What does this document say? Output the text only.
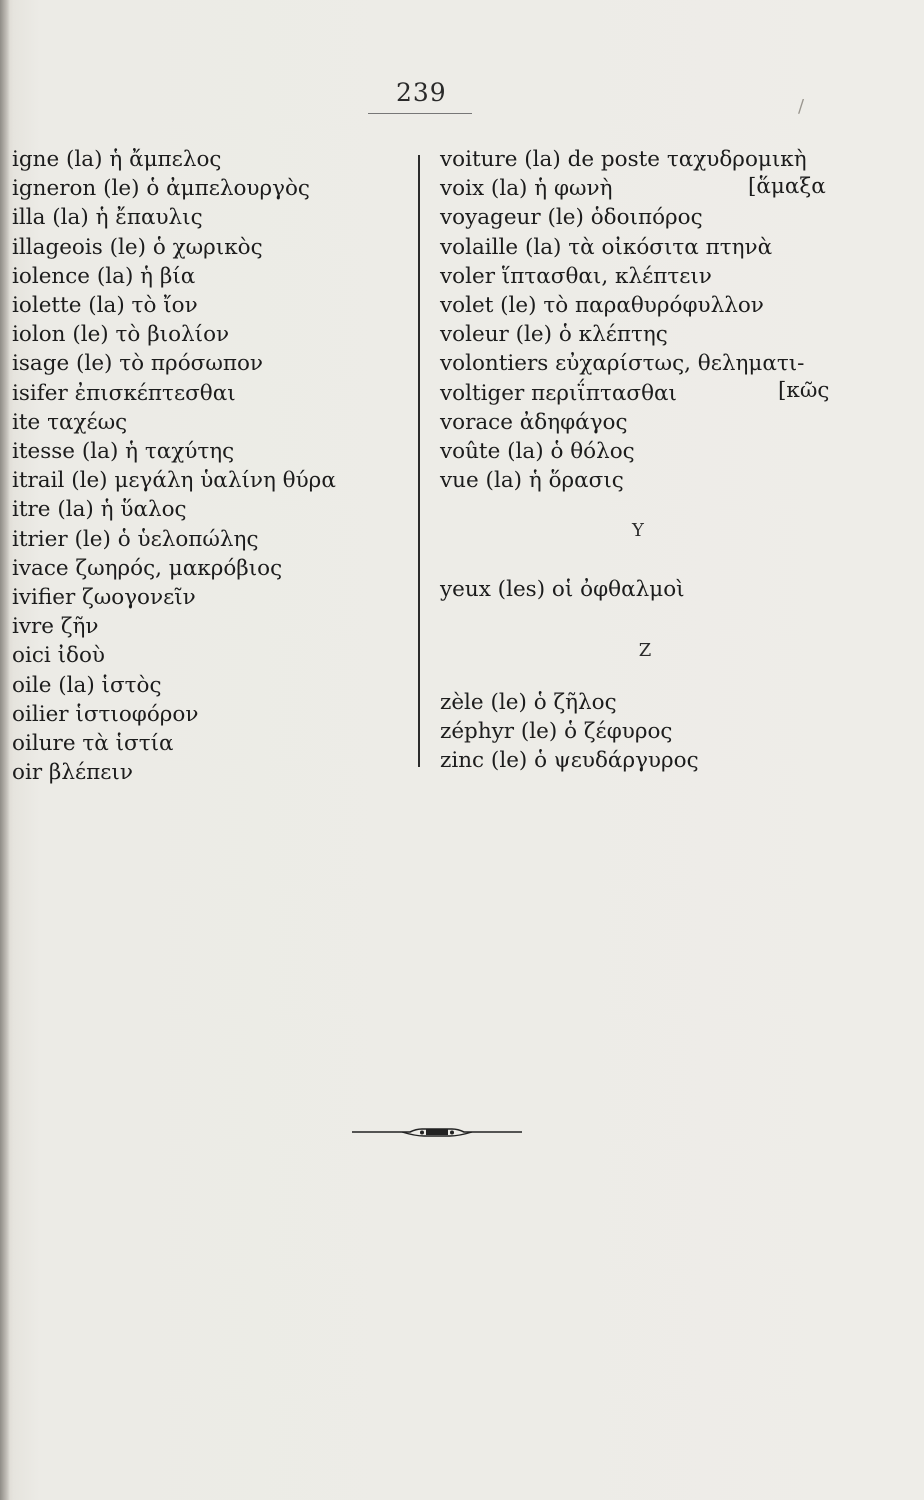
/
239
igne (la) ἡ ἄμπελος
igneron (le) ὁ ἀμπελουργὸς
illa (la) ἡ ἔπαυλις
illageois (le) ὁ χωρικὸς
iolence (la) ἡ βία
iolette (la) τὸ ἴον
iolon (le) τὸ βιολίον
isage (le) τὸ πρόσωπον
isifer ἐπισκέπτεσθαι
ite ταχέως
itesse (la) ἡ ταχύτης
itrail (le) μεγάλη ὑαλίνη θύρα
itre (la) ἡ ὕαλος
itrier (le) ὁ ὑελοπώλης
ivace ζωηρός, μακρόβιος
ivifier ζωογονεῖν
ivre ζῆν
oici ἰδοὺ
oile (la) ἱστὸς
oilier ἱστιοφόρον
oilure τὰ ἱστία
oir βλέπειν
voiture (la) de poste ταχυδρομικὴ
voix (la) ἡ φωνὴ
voyageur (le) ὁδοιπόρος
volaille (la) τὰ οἰκόσιτα πτηνὰ
voler ἵπτασθαι, κλέπτειν
volet (le) τὸ παραθυρόφυλλον
voleur (le) ὁ κλέπτης
volontiers εὐχαρίστως, θεληματι-
voltiger περιΐπτασθαι
vorace ἀδηφάγος
voûte (la) ὁ θόλος
vue (la) ἡ ὅρασις
[ἅμαξα
[κῶς
Y
yeux (les) οἱ ὀφθαλμοὶ
Z
zèle (le) ὁ ζῆλος
zéphyr (le) ὁ ζέφυρος
zinc (le) ὁ ψευδάργυρος
